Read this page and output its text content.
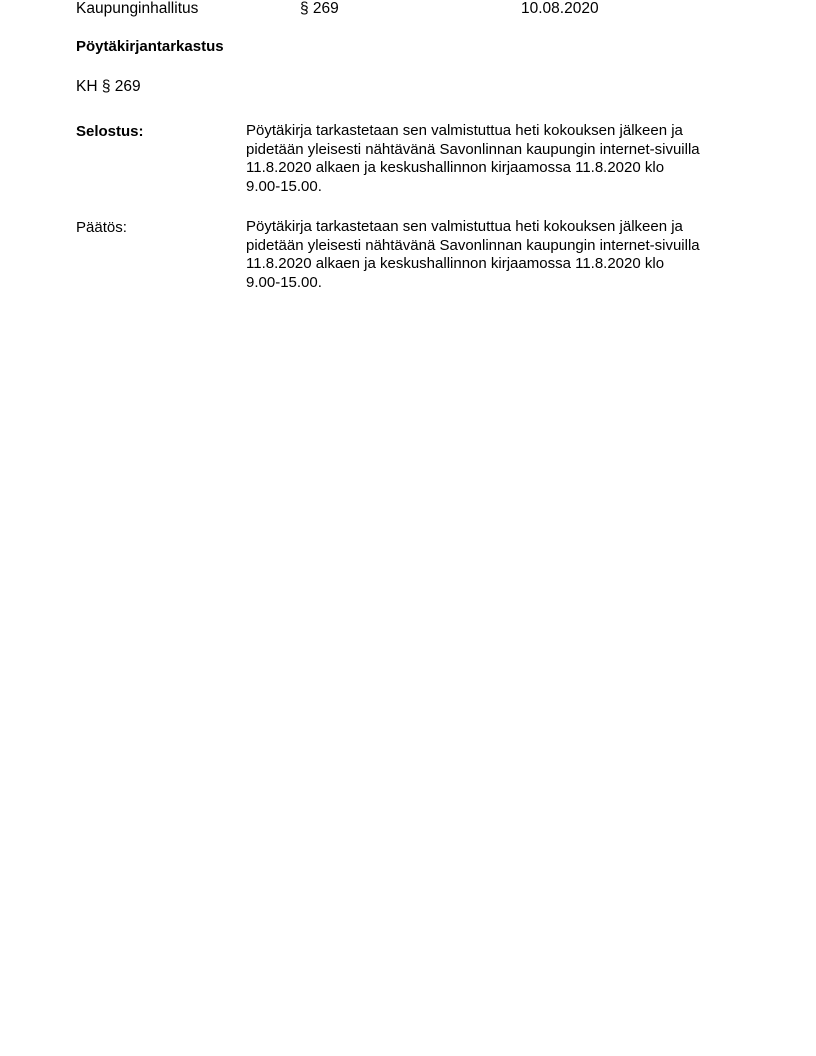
Kaupunginhallitus	§ 269	10.08.2020
Pöytäkirjantarkastus
KH § 269
Selostus:	Pöytäkirja tarkastetaan sen valmistuttua heti kokouksen jälkeen ja
pidetään yleisesti nähtävänä Savonlinnan kaupungin internet-sivuilla
11.8.2020 alkaen ja keskushallinnon kirjaamossa 11.8.2020 klo
9.00-15.00.
Päätös:	Pöytäkirja tarkastetaan sen valmistuttua heti kokouksen jälkeen ja
pidetään yleisesti nähtävänä Savonlinnan kaupungin internet-sivuilla
11.8.2020 alkaen ja keskushallinnon kirjaamossa 11.8.2020 klo
9.00-15.00.
